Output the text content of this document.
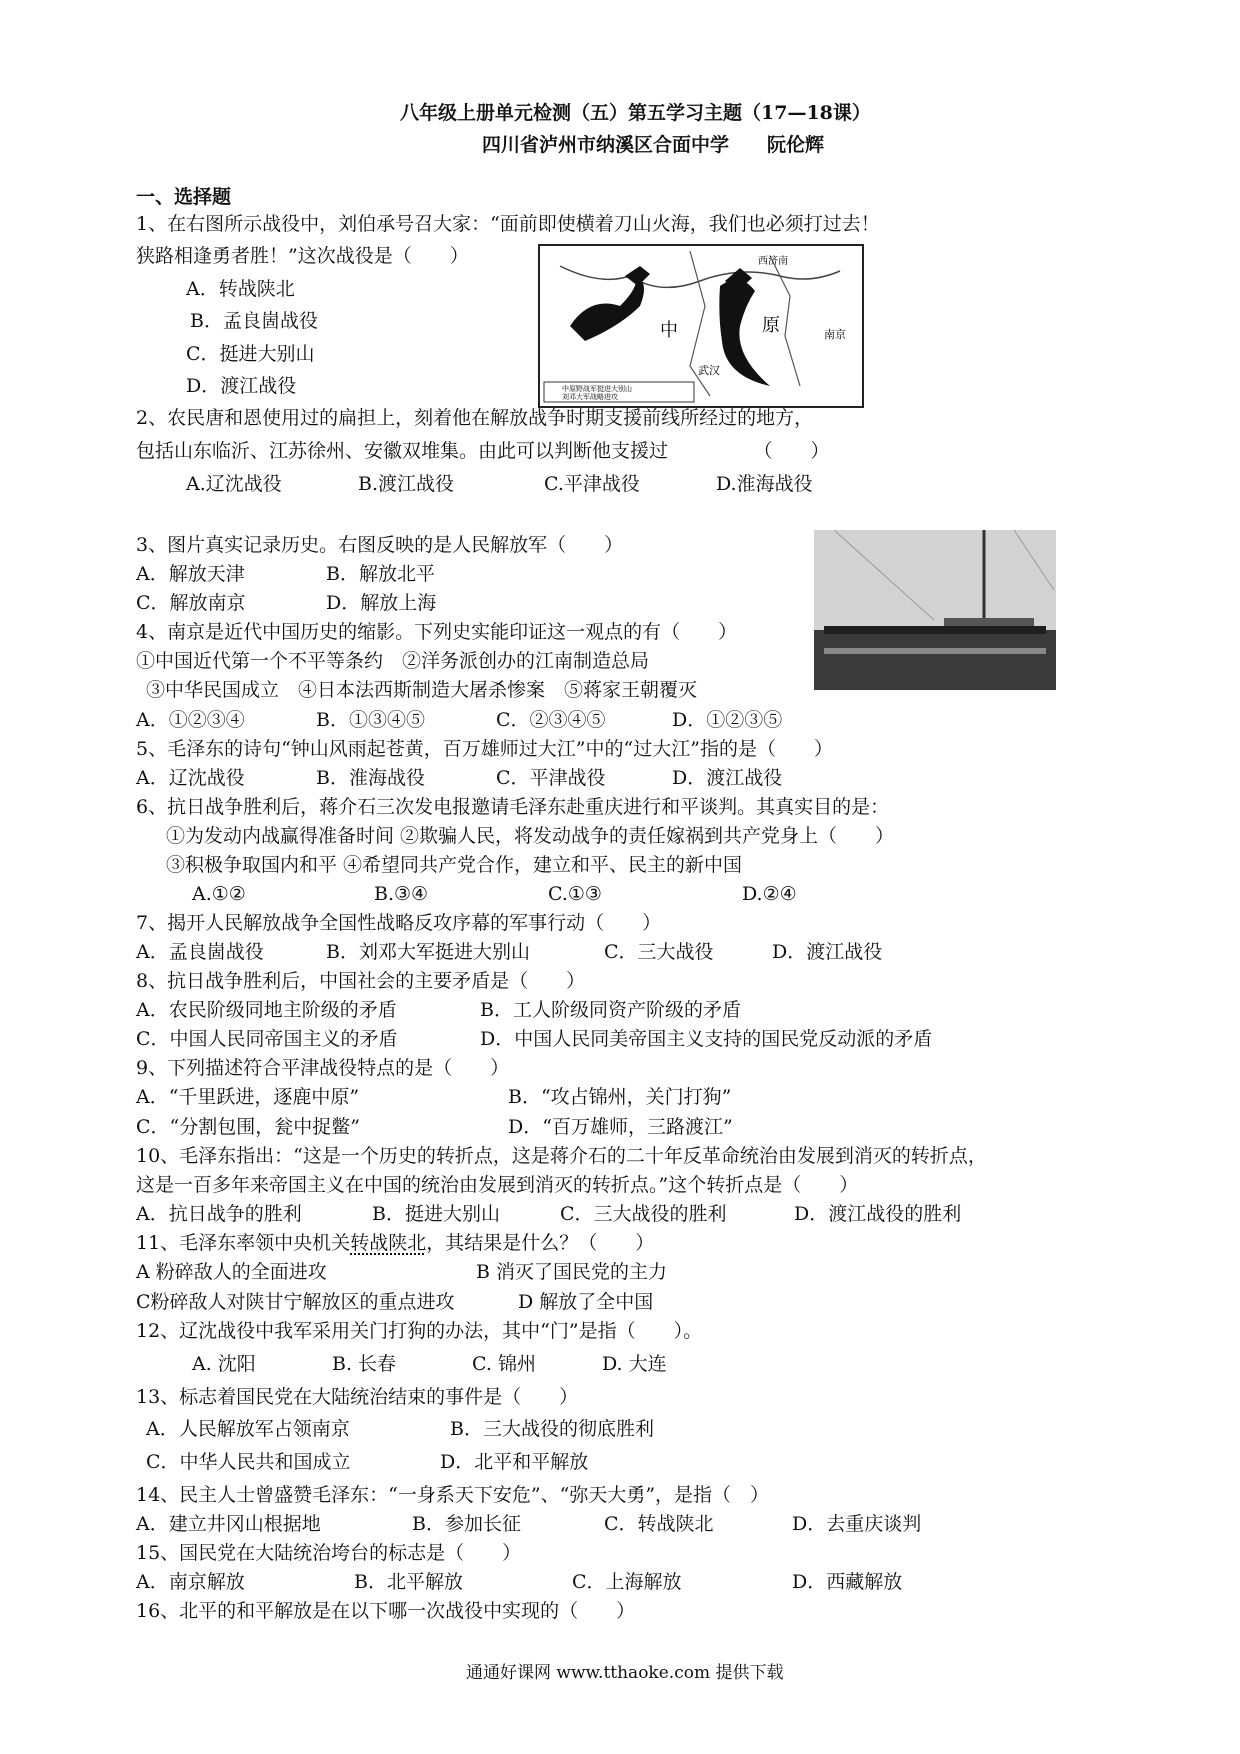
八年级上册单元检测（五）第五学习主题（17—18课）
四川省泸州市纳溪区合面中学　　阮伦辉
一、选择题
1、在右图所示战役中，刘伯承号召大家：“面前即使横着刀山火海，我们也必须打过去！
狭路相逢勇者胜！”这次战役是（　　）
A．转战陕北
B．孟良崮战役
C．挺进大别山
D．渡江战役
西济南
中	原	南京
武汉
中原野战军挺进大别山
刘邓大军战略进攻
2、农民唐和恩使用过的扁担上，刻着他在解放战争时期支援前线所经过的地方，
包括山东临沂、江苏徐州、安徽双堆集。由此可以判断他支援过　　　　　（　　）
A.辽沈战役	B.渡江战役	C.平津战役	D.淮海战役
3、图片真实记录历史。右图反映的是人民解放军（　　）
A．解放天津	B．解放北平
C．解放南京	D．解放上海
4、南京是近代中国历史的缩影。下列史实能印证这一观点的有（　　）
①中国近代第一个不平等条约　②洋务派创办的江南制造总局
③中华民国成立　④日本法西斯制造大屠杀惨案　⑤蒋家王朝覆灭
A．①②③④	B．①③④⑤	C．②③④⑤	D．①②③⑤
5、毛泽东的诗句“钟山风雨起苍黄，百万雄师过大江”中的“过大江”指的是（　　）
A．辽沈战役	B．淮海战役	C．平津战役	D．渡江战役
6、抗日战争胜利后，蒋介石三次发电报邀请毛泽东赴重庆进行和平谈判。其真实目的是：
①为发动内战赢得准备时间 ②欺骗人民，将发动战争的责任嫁祸到共产党身上（　　）
③积极争取国内和平 ④希望同共产党合作，建立和平、民主的新中国
A.①②	B.③④	C.①③	D.②④
7、揭开人民解放战争全国性战略反攻序幕的军事行动（　　）
A．孟良崮战役	B．刘邓大军挺进大别山	C．三大战役	D．渡江战役
8、抗日战争胜利后，中国社会的主要矛盾是（　　）
A．农民阶级同地主阶级的矛盾	B．工人阶级同资产阶级的矛盾
C．中国人民同帝国主义的矛盾	D．中国人民同美帝国主义支持的国民党反动派的矛盾
9、下列描述符合平津战役特点的是（　　）
A．“千里跃进，逐鹿中原”	B．“攻占锦州，关门打狗”
C．“分割包围，瓮中捉鳖”	D．“百万雄师，三路渡江”
10、毛泽东指出：“这是一个历史的转折点，这是蒋介石的二十年反革命统治由发展到消灭的转折点，
这是一百多年来帝国主义在中国的统治由发展到消灭的转折点。”这个转折点是（　　）
A．抗日战争的胜利	B．挺进大别山	C．三大战役的胜利	D．渡江战役的胜利
11、毛泽东率领中央机关转战陕北，其结果是什么？（　　）
A 粉碎敌人的全面进攻	B 消灭了国民党的主力
C粉碎敌人对陕甘宁解放区的重点进攻	D 解放了全中国
12、辽沈战役中我军采用关门打狗的办法，其中“门”是指（　　）。
A. 沈阳	B. 长春	C. 锦州	D. 大连
13、标志着国民党在大陆统治结束的事件是（　　）
A．人民解放军占领南京	B．三大战役的彻底胜利
C．中华人民共和国成立	D．北平和平解放
14、民主人士曾盛赞毛泽东：“一身系天下安危”、“弥天大勇”，是指（　）
A．建立井冈山根据地	B．参加长征	C．转战陕北	D．去重庆谈判
15、国民党在大陆统治垮台的标志是（　　）
A．南京解放	B．北平解放	C．上海解放	D．西藏解放
16、北平的和平解放是在以下哪一次战役中实现的（　　）
通通好课网 www.tthaoke.com 提供下载
